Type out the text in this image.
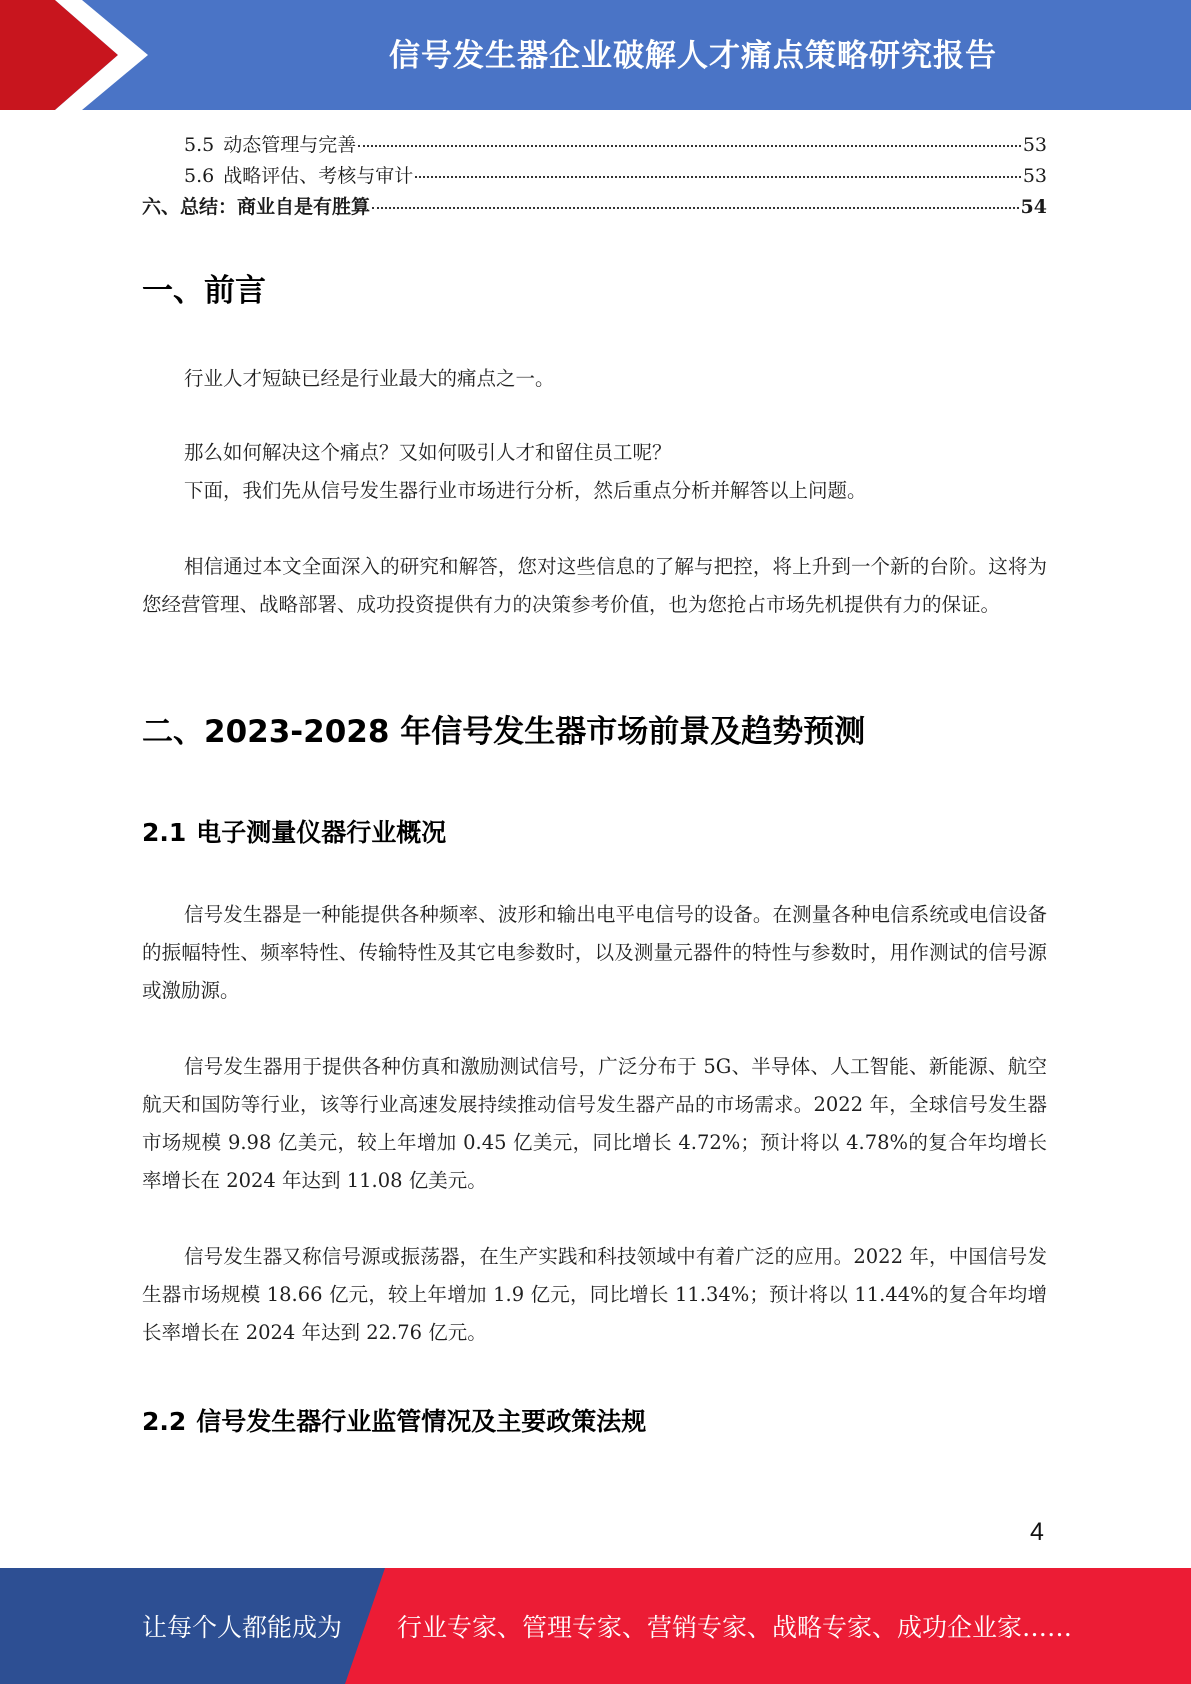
信号发生器企业破解人才痛点策略研究报告
5.5 动态管理与完善	53
5.6 战略评估、考核与审计	53
六、总结：商业自是有胜算	54
一、前言
行业人才短缺已经是行业最大的痛点之一。
那么如何解决这个痛点？又如何吸引人才和留住员工呢？
下面，我们先从信号发生器行业市场进行分析，然后重点分析并解答以上问题。
相信通过本文全面深入的研究和解答，您对这些信息的了解与把控，将上升到一个新的台阶。这将为您经营管理、战略部署、成功投资提供有力的决策参考价值，也为您抢占市场先机提供有力的保证。
二、2023-2028 年信号发生器市场前景及趋势预测
2.1 电子测量仪器行业概况
信号发生器是一种能提供各种频率、波形和输出电平电信号的设备。在测量各种电信系统或电信设备的振幅特性、频率特性、传输特性及其它电参数时，以及测量元器件的特性与参数时，用作测试的信号源或激励源。
信号发生器用于提供各种仿真和激励测试信号，广泛分布于 5G、半导体、人工智能、新能源、航空航天和国防等行业，该等行业高速发展持续推动信号发生器产品的市场需求。2022 年，全球信号发生器市场规模 9.98 亿美元，较上年增加 0.45 亿美元，同比增长 4.72%；预计将以 4.78%的复合年均增长率增长在 2024 年达到 11.08 亿美元。
信号发生器又称信号源或振荡器，在生产实践和科技领域中有着广泛的应用。2022 年，中国信号发生器市场规模 18.66 亿元，较上年增加 1.9 亿元，同比增长 11.34%；预计将以 11.44%的复合年均增长率增长在 2024 年达到 22.76 亿元。
2.2 信号发生器行业监管情况及主要政策法规
4
让每个人都能成为 行业专家、管理专家、营销专家、战略专家、成功企业家……
